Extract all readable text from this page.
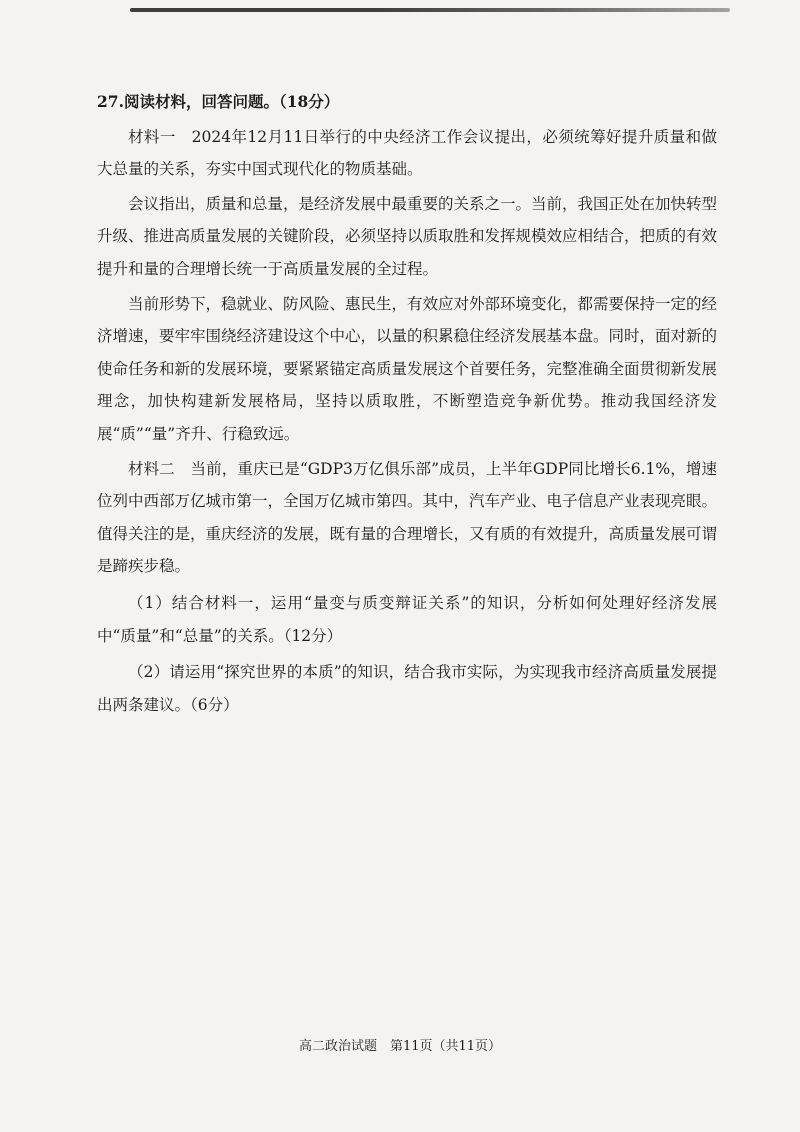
27.阅读材料，回答问题。（18分）

材料一　2024年12月11日举行的中央经济工作会议提出，必须统筹好提升质量和做大总量的关系，夯实中国式现代化的物质基础。

会议指出，质量和总量，是经济发展中最重要的关系之一。当前，我国正处在加快转型升级、推进高质量发展的关键阶段，必须坚持以质取胜和发挥规模效应相结合，把质的有效提升和量的合理增长统一于高质量发展的全过程。

当前形势下，稳就业、防风险、惠民生，有效应对外部环境变化，都需要保持一定的经济增速，要牢牢围绕经济建设这个中心，以量的积累稳住经济发展基本盘。同时，面对新的使命任务和新的发展环境，要紧紧锚定高质量发展这个首要任务，完整准确全面贯彻新发展理念，加快构建新发展格局，坚持以质取胜，不断塑造竞争新优势。推动我国经济发展“质”“量”齐升、行稳致远。

材料二　当前，重庆已是“GDP3万亿俱乐部”成员，上半年GDP同比增长6.1%，增速位列中西部万亿城市第一，全国万亿城市第四。其中，汽车产业、电子信息产业表现亮眼。值得关注的是，重庆经济的发展，既有量的合理增长，又有质的有效提升，高质量发展可谓是蹄疾步稳。

（1）结合材料一，运用“量变与质变辩证关系”的知识，分析如何处理好经济发展中“质量”和“总量”的关系。（12分）

（2）请运用“探究世界的本质”的知识，结合我市实际，为实现我市经济高质量发展提出两条建议。（6分）

高二政治试题　第11页（共11页）
